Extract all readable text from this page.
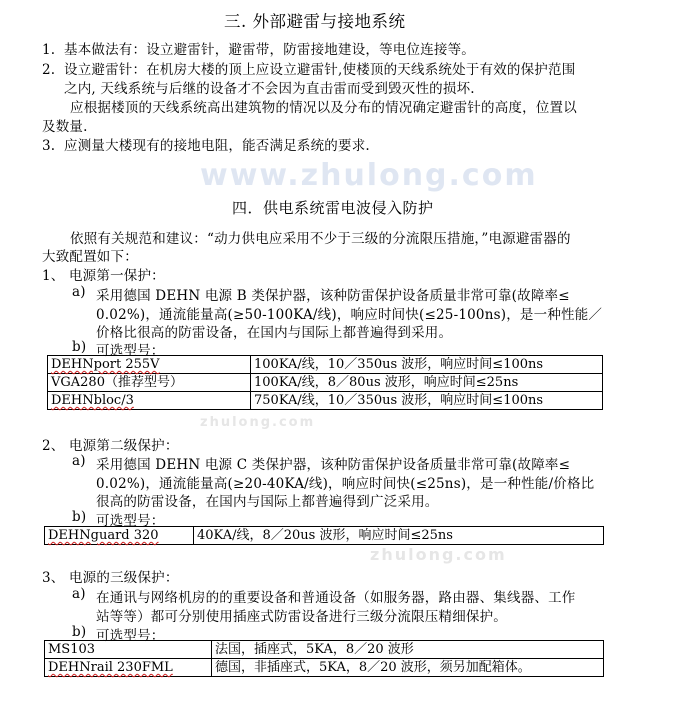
www.zhulong.com
zhulong.com
zhulong.com
三. 外部避雷与接地系统
1. 基本做法有：设立避雷针，避雷带，防雷接地建设，等电位连接等。
2. 设立避雷针：在机房大楼的顶上应设立避雷针,使楼顶的天线系统处于有效的保护范围
之内, 天线系统与后继的设备才不会因为直击雷而受到毁灭性的损坏.
应根据楼顶的天线系统高出建筑物的情况以及分布的情况确定避雷针的高度，位置以
及数量.
3. 应测量大楼现有的接地电阻，能否满足系统的要求.
四．供电系统雷电波侵入防护
依照有关规范和建议：“动力供电应采用不少于三级的分流限压措施，”电源避雷器的
大致配置如下：
1、 电源第一保护：
a) 采用德国 DEHN 电源 B 类保护器，该种防雷保护设备质量非常可靠(故障率≤
0.02%)，通流能量高(≥50-100KA/线)，响应时间快(≤25-100ns)，是一种性能／
价格比很高的防雷设备，在国内与国际上都普遍得到采用。
b) 可选型号：
DEHNport 255V	100KA/线，10／350us 波形，响应时间≤100ns
VGA280（推荐型号）	100KA/线，8／80us 波形，响应时间≤25ns
DEHNbloc/3	750KA/线，10／350us 波形，响应时间≤100ns
2、 电源第二级保护：
a) 采用德国 DEHN 电源 C 类保护器，该种防雷保护设备质量非常可靠(故障率≤
0.02%)，通流能量高(≥20-40KA/线)，响应时间快(≤25ns)，是一种性能/价格比
很高的防雷设备，在国内与国际上都普遍得到广泛采用。
b) 可选型号：
DEHNguard 320	40KA/线，8／20us 波形，响应时间≤25ns
3、 电源的三级保护：
a) 在通讯与网络机房的的重要设备和普通设备（如服务器，路由器、集线器、工作
站等等）都可分别使用插座式防雷设备进行三级分流限压精细保护。
b) 可选型号：
MS103	法国，插座式，5KA，8／20 波形
DEHNrail 230FML	德国，非插座式，5KA，8／20 波形，须另加配箱体。
